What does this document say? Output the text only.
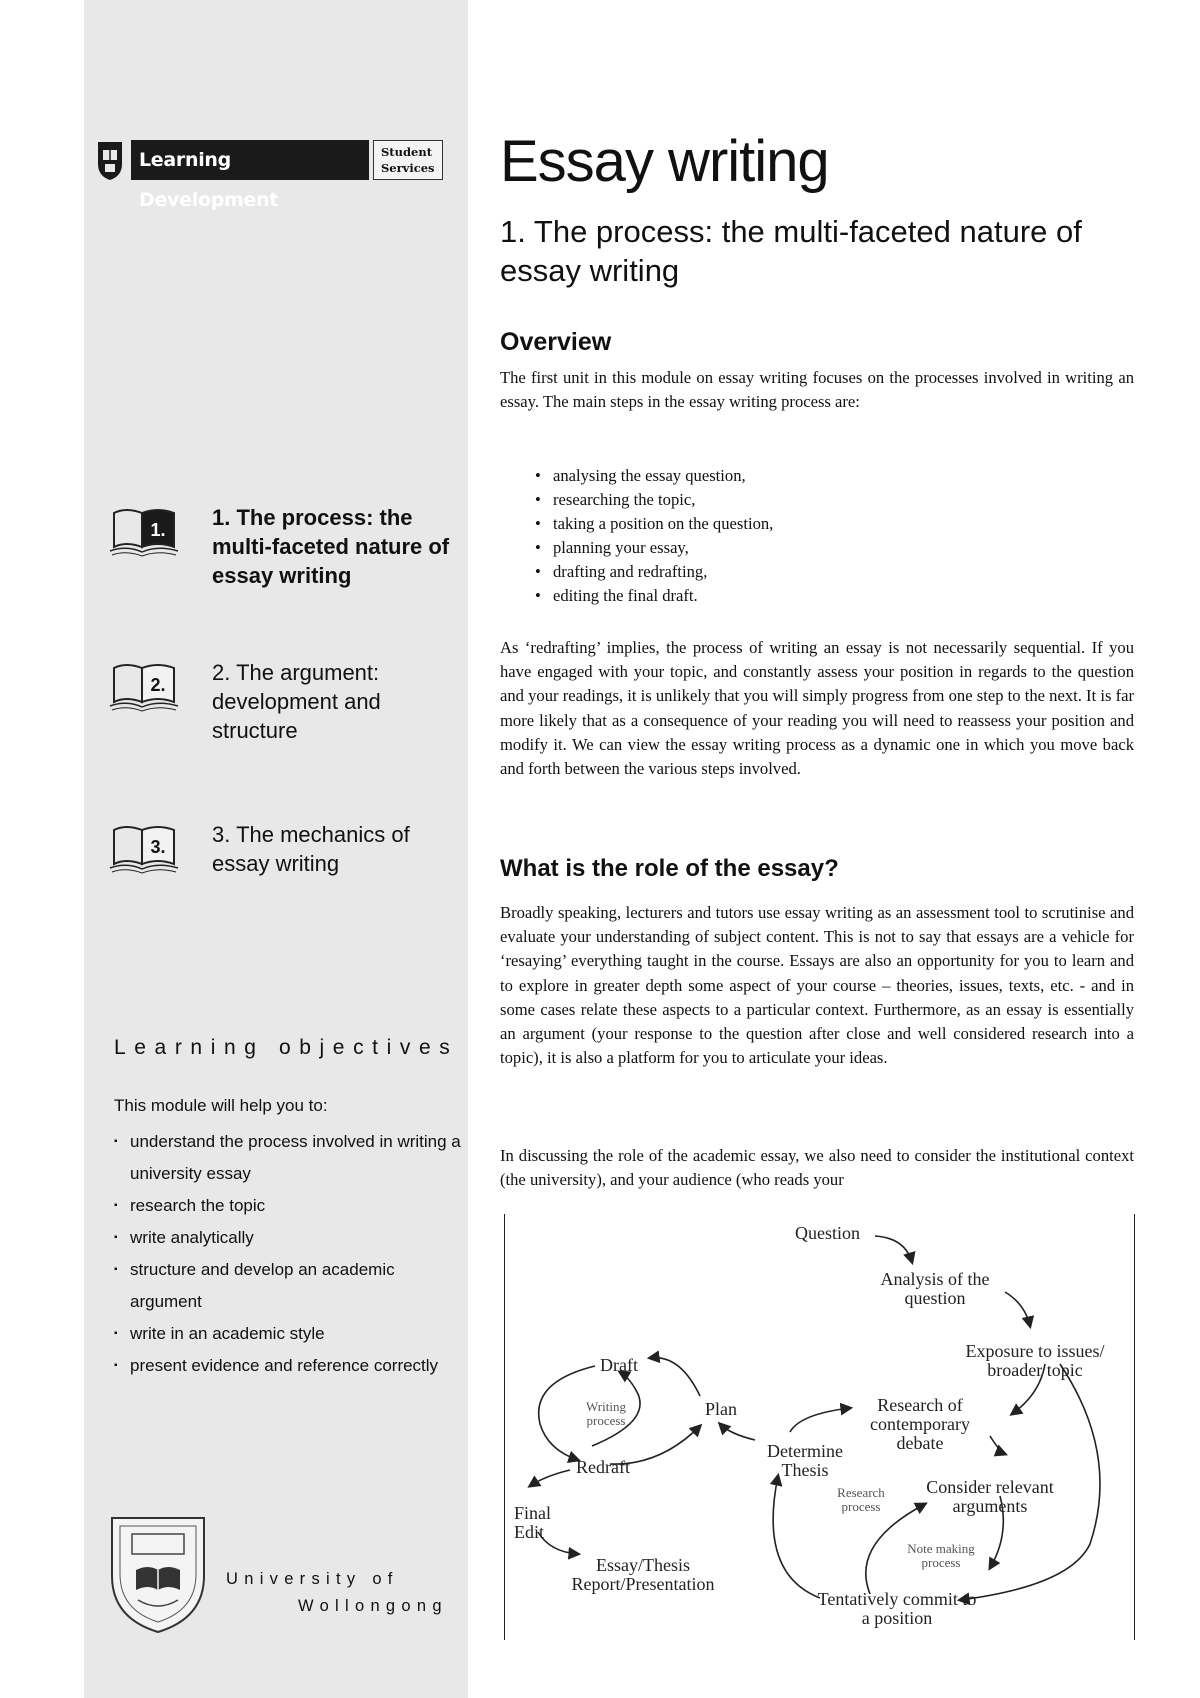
Learning Development
Student
Services
1. 1. The process: the multi-faceted nature of essay writing
2. 2. The argument: development and structure
3. 3. The mechanics of essay writing
Learning objectives
This module will help you to:
▪ understand the process involved in writing a university essay
▪ research the topic
▪ write analytically
▪ structure and develop an academic argument
▪ write in an academic style
▪ present evidence and reference correctly
University of
Wollongong
Essay writing
1. The process: the multi-faceted nature of essay writing
Overview

The first unit in this module on essay writing focuses on the processes involved in writing an essay. The main steps in the essay writing process are:

• analysing the essay question,
• researching the topic,
• taking a position on the question,
• planning your essay,
• drafting and redrafting,
• editing the final draft.

As ‘redrafting’ implies, the process of writing an essay is not necessarily sequential. If you have engaged with your topic, and constantly assess your position in regards to the question and your readings, it is unlikely that you will simply progress from one step to the next. It is far more likely that as a consequence of your reading you will need to reassess your position and modify it. We can view the essay writing process as a dynamic one in which you move back and forth between the various steps involved.

What is the role of the essay?

Broadly speaking, lecturers and tutors use essay writing as an assessment tool to scrutinise and evaluate your understanding of subject content. This is not to say that essays are a vehicle for ‘resaying’ everything taught in the course. Essays are also an opportunity for you to learn and to explore in greater depth some aspect of your course – theories, issues, texts, etc. - and in some cases relate these aspects to a particular context. Furthermore, as an essay is essentially an argument (your response to the question after close and well considered research into a topic), it is also a platform for you to articulate your ideas.

In discussing the role of the academic essay, we also need to consider the institutional context (the university), and your audience (who reads your

Question
Analysis of the question
Exposure to issues/ broader topic
Draft
Writing process
Plan	Research of contemporary debate
Redraft
Determine Thesis
Research process
Consider relevant arguments
Final Edit
Note making process
Essay/Thesis Report/Presentation
Tentatively commit to a position
